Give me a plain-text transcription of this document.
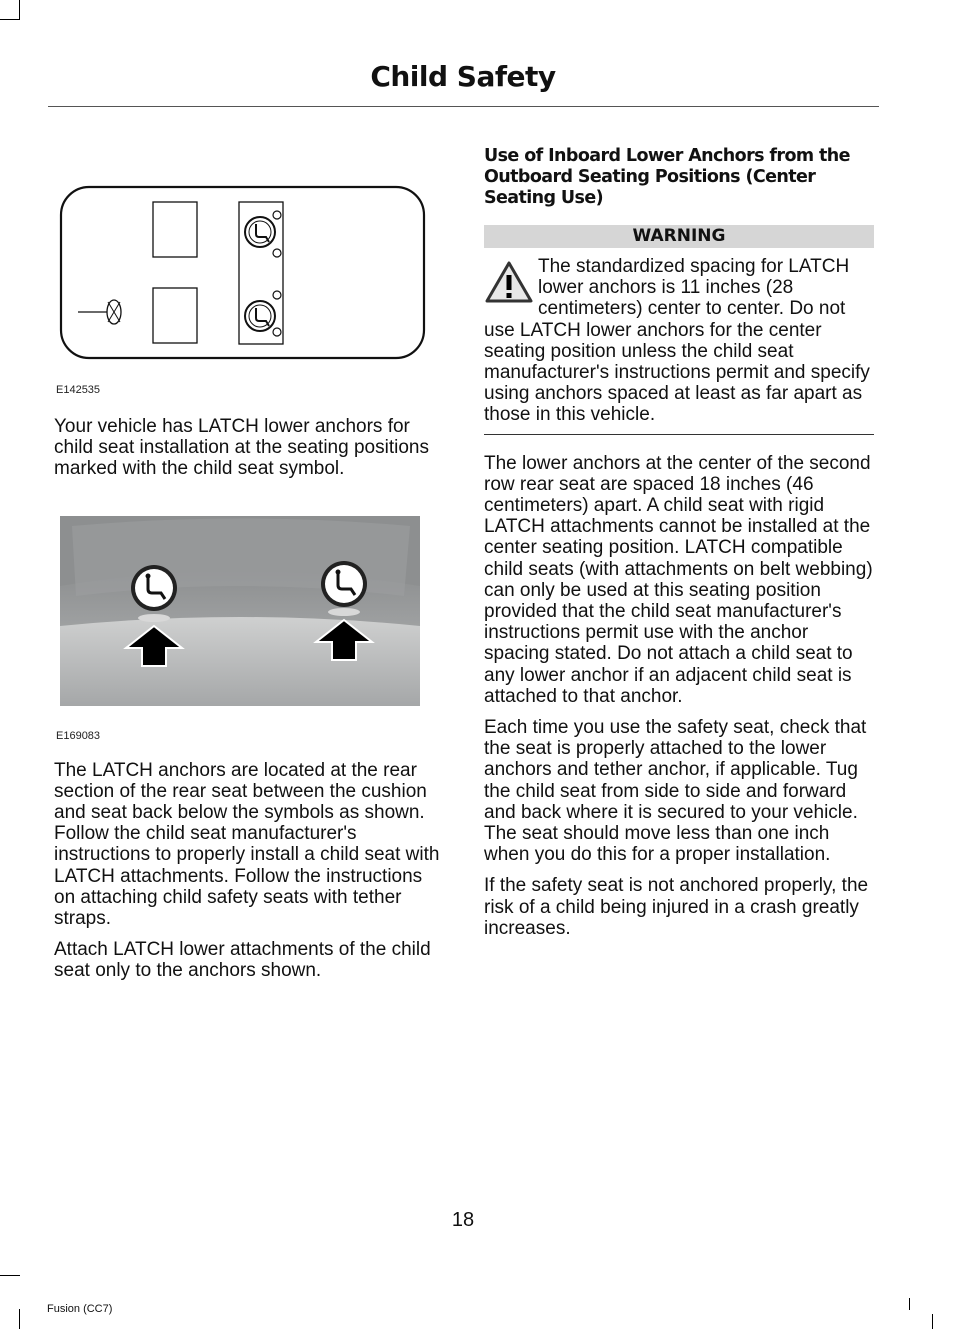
Child Safety
E142535

Your vehicle has LATCH lower anchors for child seat installation at the seating positions marked with the child seat symbol.

E169083

The LATCH anchors are located at the rear section of the rear seat between the cushion and seat back below the symbols as shown. Follow the child seat manufacturer's instructions to properly install a child seat with LATCH attachments. Follow the instructions on attaching child safety seats with tether straps.

Attach LATCH lower attachments of the child seat only to the anchors shown.

Use of Inboard Lower Anchors from the Outboard Seating Positions (Center Seating Use)
WARNING

The standardized spacing for LATCH lower anchors is 11 inches (28 centimeters) center to center. Do not use LATCH lower anchors for the center seating position unless the child seat manufacturer's instructions permit and specify using anchors spaced at least as far apart as those in this vehicle.

The lower anchors at the center of the second row rear seat are spaced 18 inches (46 centimeters) apart. A child seat with rigid LATCH attachments cannot be installed at the center seating position. LATCH compatible child seats (with attachments on belt webbing) can only be used at this seating position provided that the child seat manufacturer's instructions permit use with the anchor spacing stated. Do not attach a child seat to any lower anchor if an adjacent child seat is attached to that anchor.

Each time you use the safety seat, check that the seat is properly attached to the lower anchors and tether anchor, if applicable. Tug the child seat from side to side and forward and back where it is secured to your vehicle. The seat should move less than one inch when you do this for a proper installation.

If the safety seat is not anchored properly, the risk of a child being injured in a crash greatly increases.

18
Fusion (CC7)
